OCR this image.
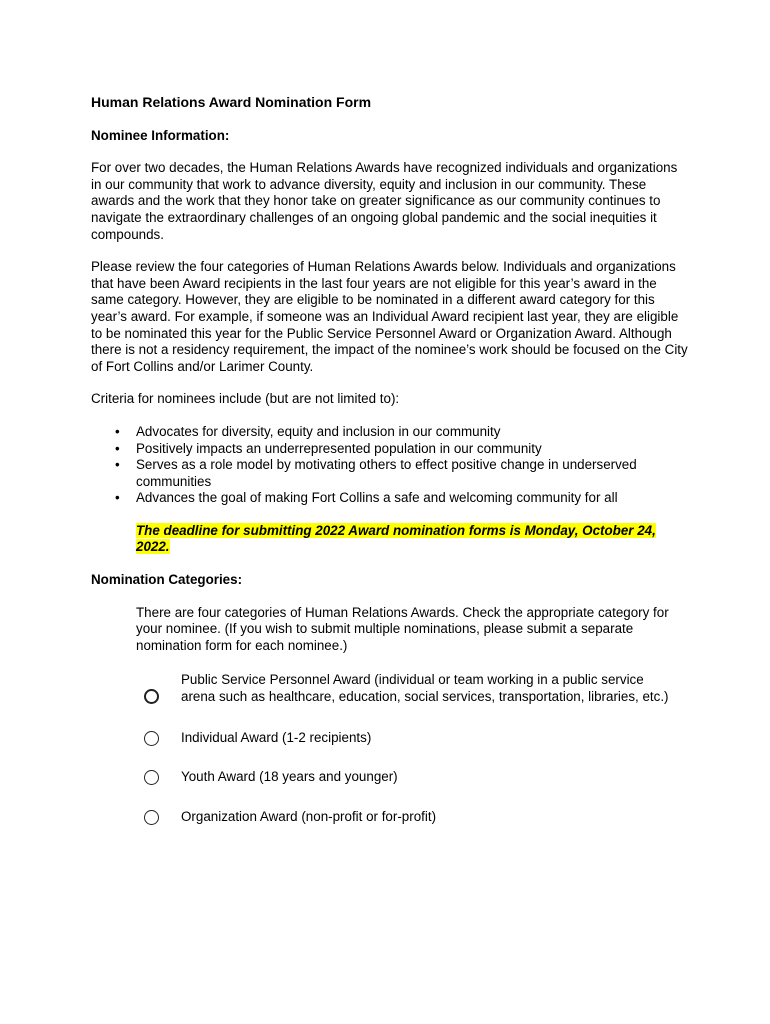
Human Relations Award Nomination Form
Nominee Information:
For over two decades, the Human Relations Awards have recognized individuals and organizations in our community that work to advance diversity, equity and inclusion in our community. These awards and the work that they honor take on greater significance as our community continues to navigate the extraordinary challenges of an ongoing global pandemic and the social inequities it compounds.
Please review the four categories of Human Relations Awards below. Individuals and organizations that have been Award recipients in the last four years are not eligible for this year’s award in the same category. However, they are eligible to be nominated in a different award category for this year’s award. For example, if someone was an Individual Award recipient last year, they are eligible to be nominated this year for the Public Service Personnel Award or Organization Award. Although there is not a residency requirement, the impact of the nominee’s work should be focused on the City of Fort Collins and/or Larimer County.
Criteria for nominees include (but are not limited to):
• Advocates for diversity, equity and inclusion in our community
• Positively impacts an underrepresented population in our community
• Serves as a role model by motivating others to effect positive change in underserved communities
• Advances the goal of making Fort Collins a safe and welcoming community for all
The deadline for submitting 2022 Award nomination forms is Monday, October 24, 2022.
Nomination Categories:
There are four categories of Human Relations Awards. Check the appropriate category for your nominee. (If you wish to submit multiple nominations, please submit a separate nomination form for each nominee.)
Public Service Personnel Award (individual or team working in a public service arena such as healthcare, education, social services, transportation, libraries, etc.)
Individual Award (1-2 recipients)
Youth Award (18 years and younger)
Organization Award (non-profit or for-profit)
